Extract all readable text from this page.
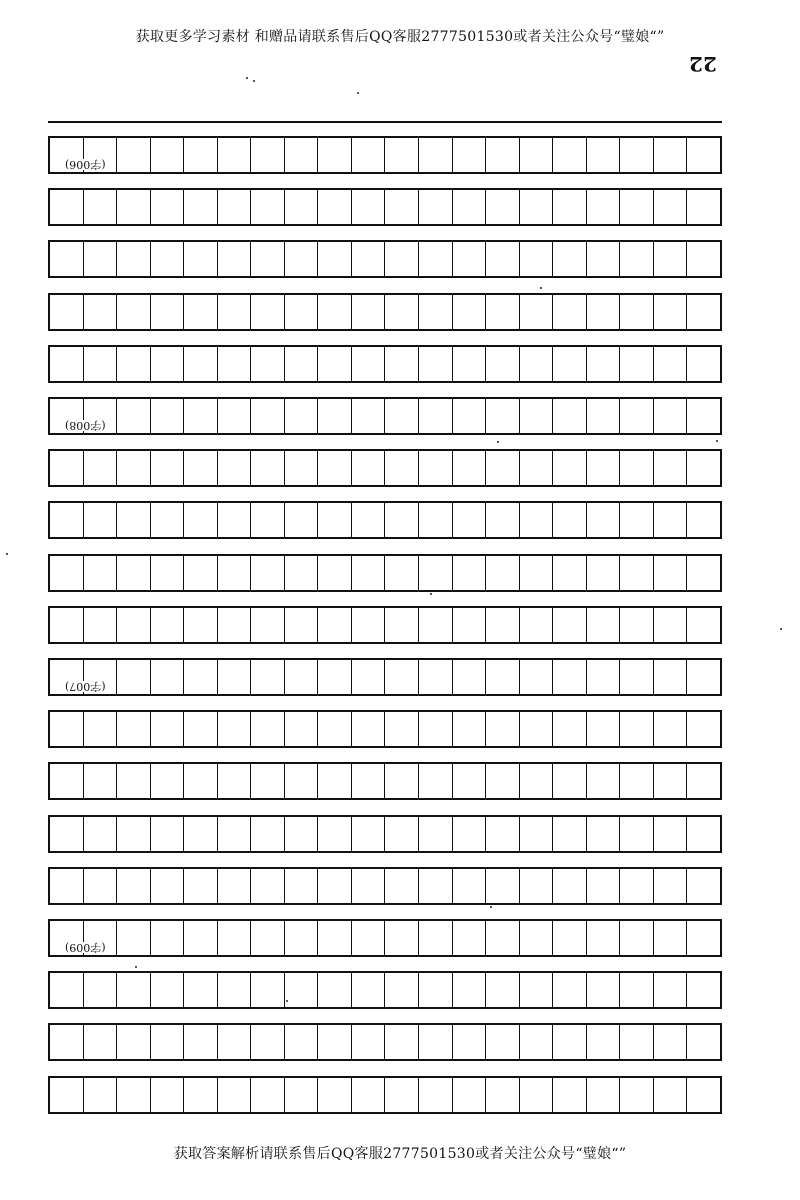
获取更多学习素材 和赠品请联系售后QQ客服2777501530或者关注公众号“璧娘“”
22
(字006)
(字008)
(字007)
(字009)
获取答案解析请联系售后QQ客服2777501530或者关注公众号“璧娘“”
